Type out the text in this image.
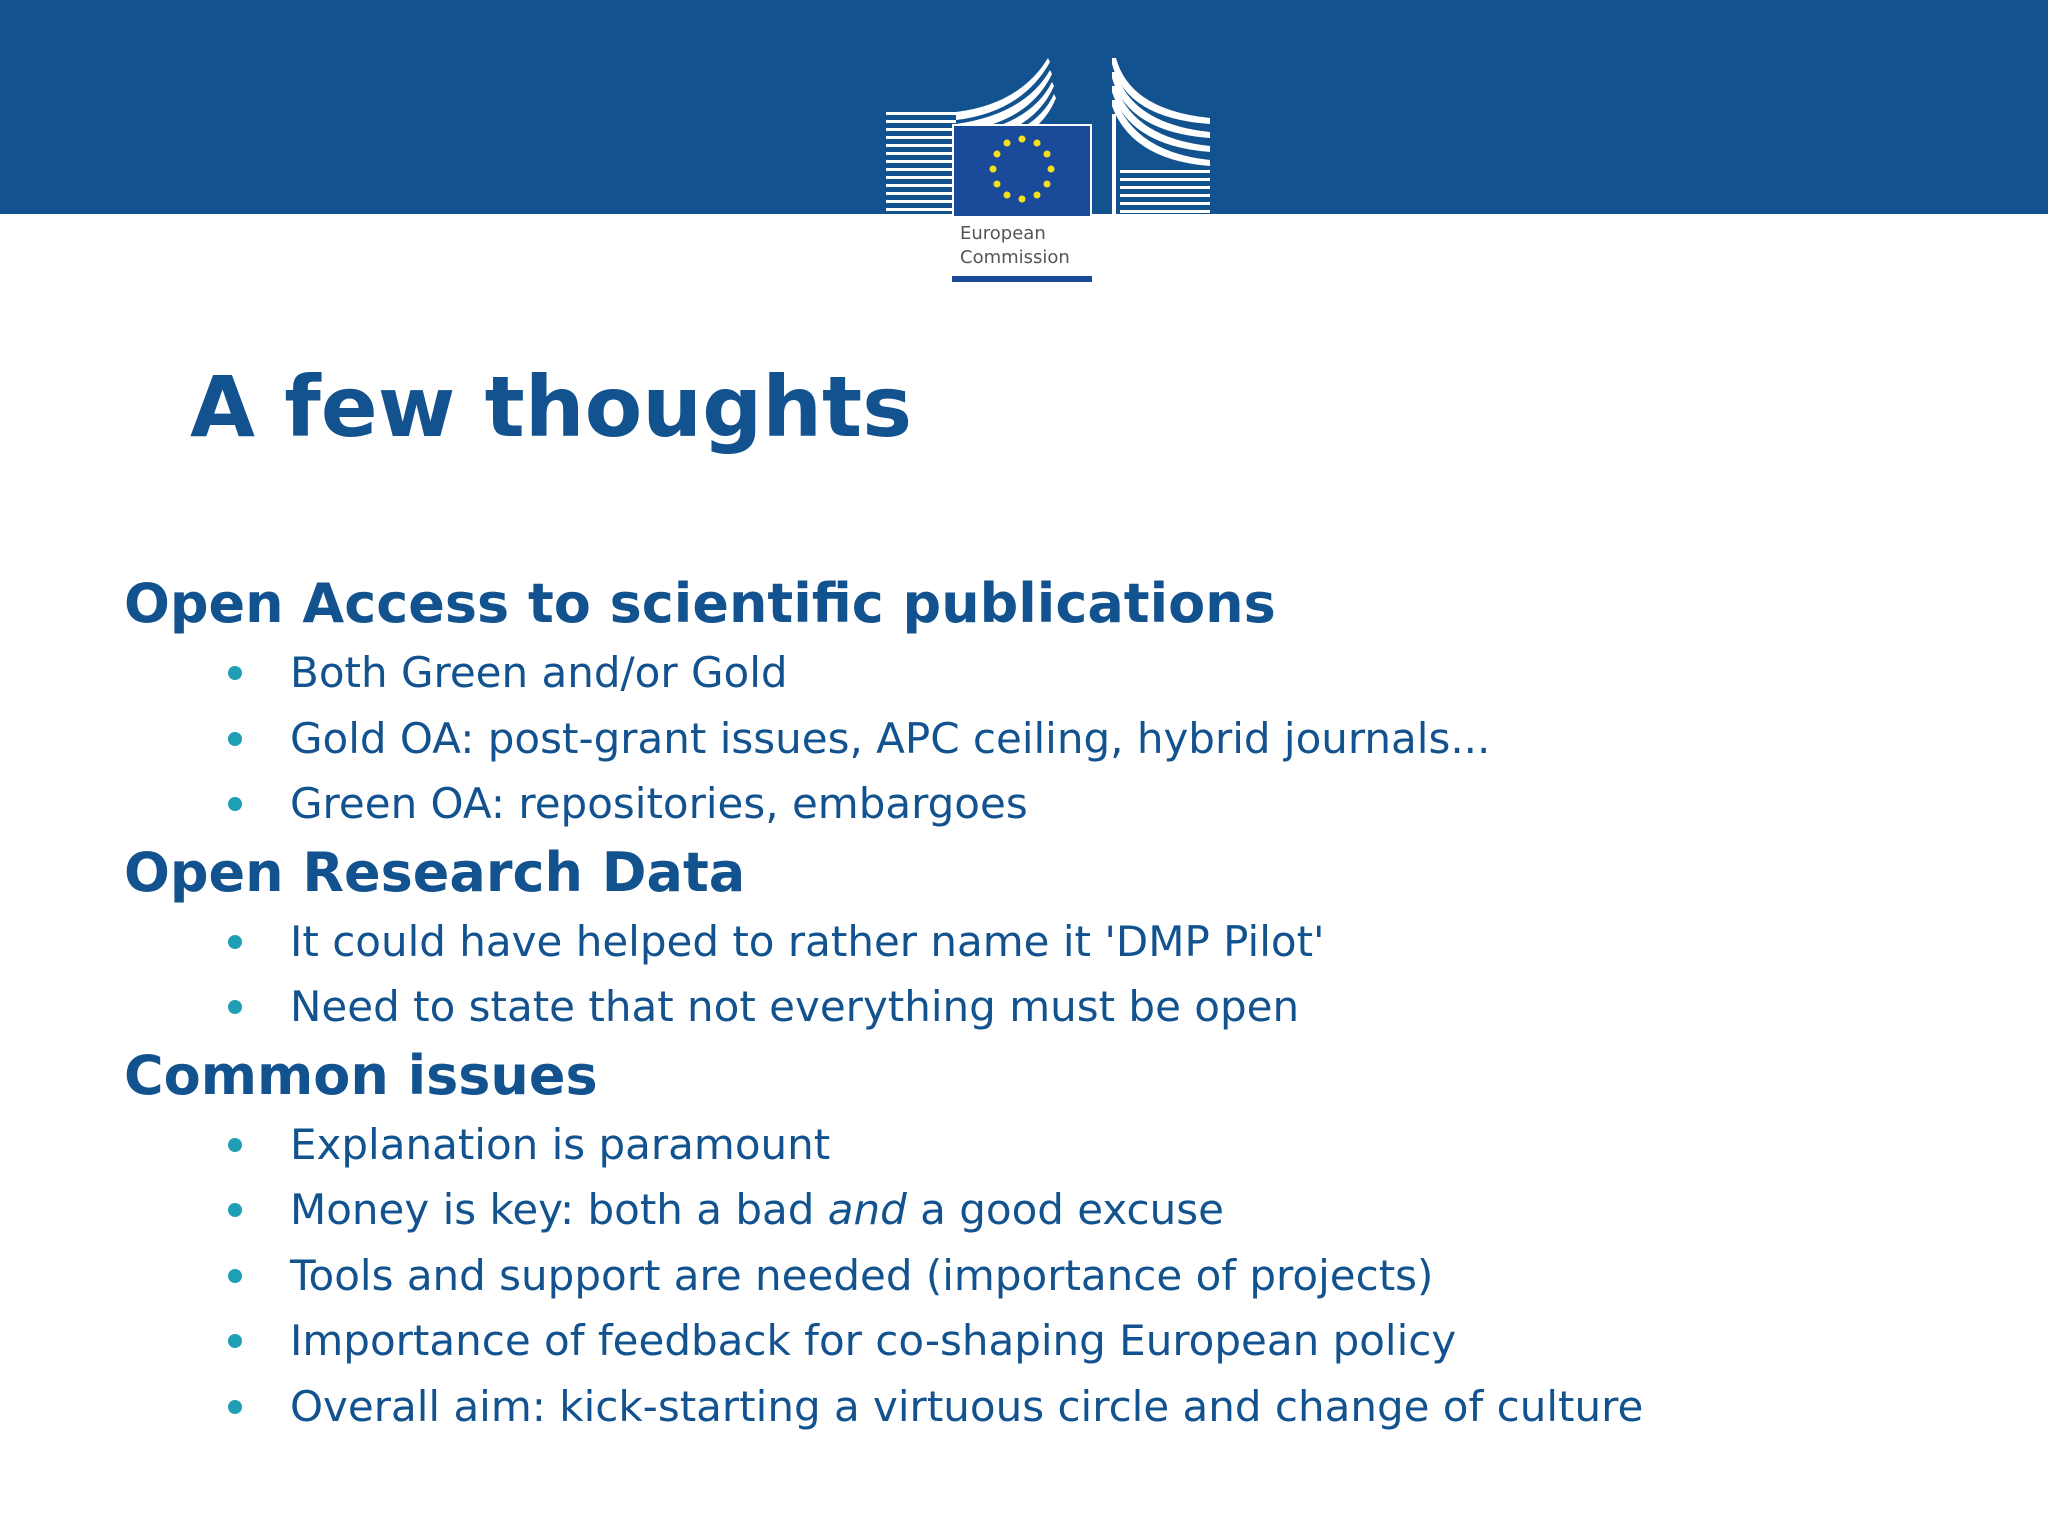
European
Commission
A few thoughts
Open Access to scientific publications
Both Green and/or Gold
Gold OA: post-grant issues, APC ceiling, hybrid journals...
Green OA: repositories, embargoes
Open Research Data
It could have helped to rather name it 'DMP Pilot'
Need to state that not everything must be open
Common issues
Explanation is paramount
Money is key: both a bad and a good excuse
Tools and support are needed (importance of projects)
Importance of feedback for co-shaping European policy
Overall aim: kick-starting a virtuous circle and change of culture
